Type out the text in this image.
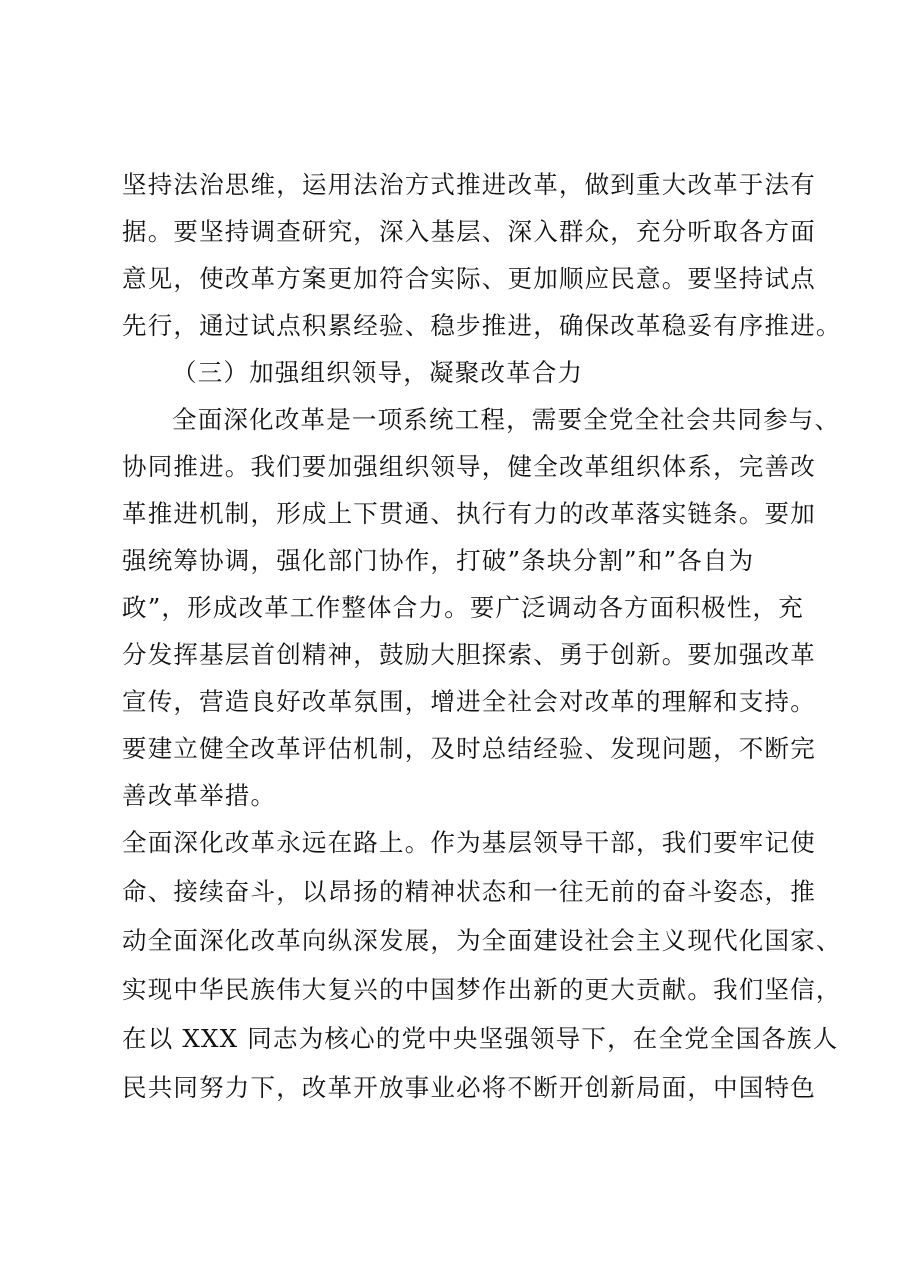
坚持法治思维，运用法治方式推进改革，做到重大改革于法有
据。要坚持调查研究，深入基层、深入群众，充分听取各方面
意见，使改革方案更加符合实际、更加顺应民意。要坚持试点
先行，通过试点积累经验、稳步推进，确保改革稳妥有序推进。
（三）加强组织领导，凝聚改革合力
全面深化改革是一项系统工程，需要全党全社会共同参与、
协同推进。我们要加强组织领导，健全改革组织体系，完善改
革推进机制，形成上下贯通、执行有力的改革落实链条。要加
强统筹协调，强化部门协作，打破”条块分割”和”各自为
政”，形成改革工作整体合力。要广泛调动各方面积极性，充
分发挥基层首创精神，鼓励大胆探索、勇于创新。要加强改革
宣传，营造良好改革氛围，增进全社会对改革的理解和支持。
要建立健全改革评估机制，及时总结经验、发现问题，不断完
善改革举措。
全面深化改革永远在路上。作为基层领导干部，我们要牢记使
命、接续奋斗，以昂扬的精神状态和一往无前的奋斗姿态，推
动全面深化改革向纵深发展，为全面建设社会主义现代化国家、
实现中华民族伟大复兴的中国梦作出新的更大贡献。我们坚信，
在以 XXX 同志为核心的党中央坚强领导下，在全党全国各族人
民共同努力下，改革开放事业必将不断开创新局面，中国特色
